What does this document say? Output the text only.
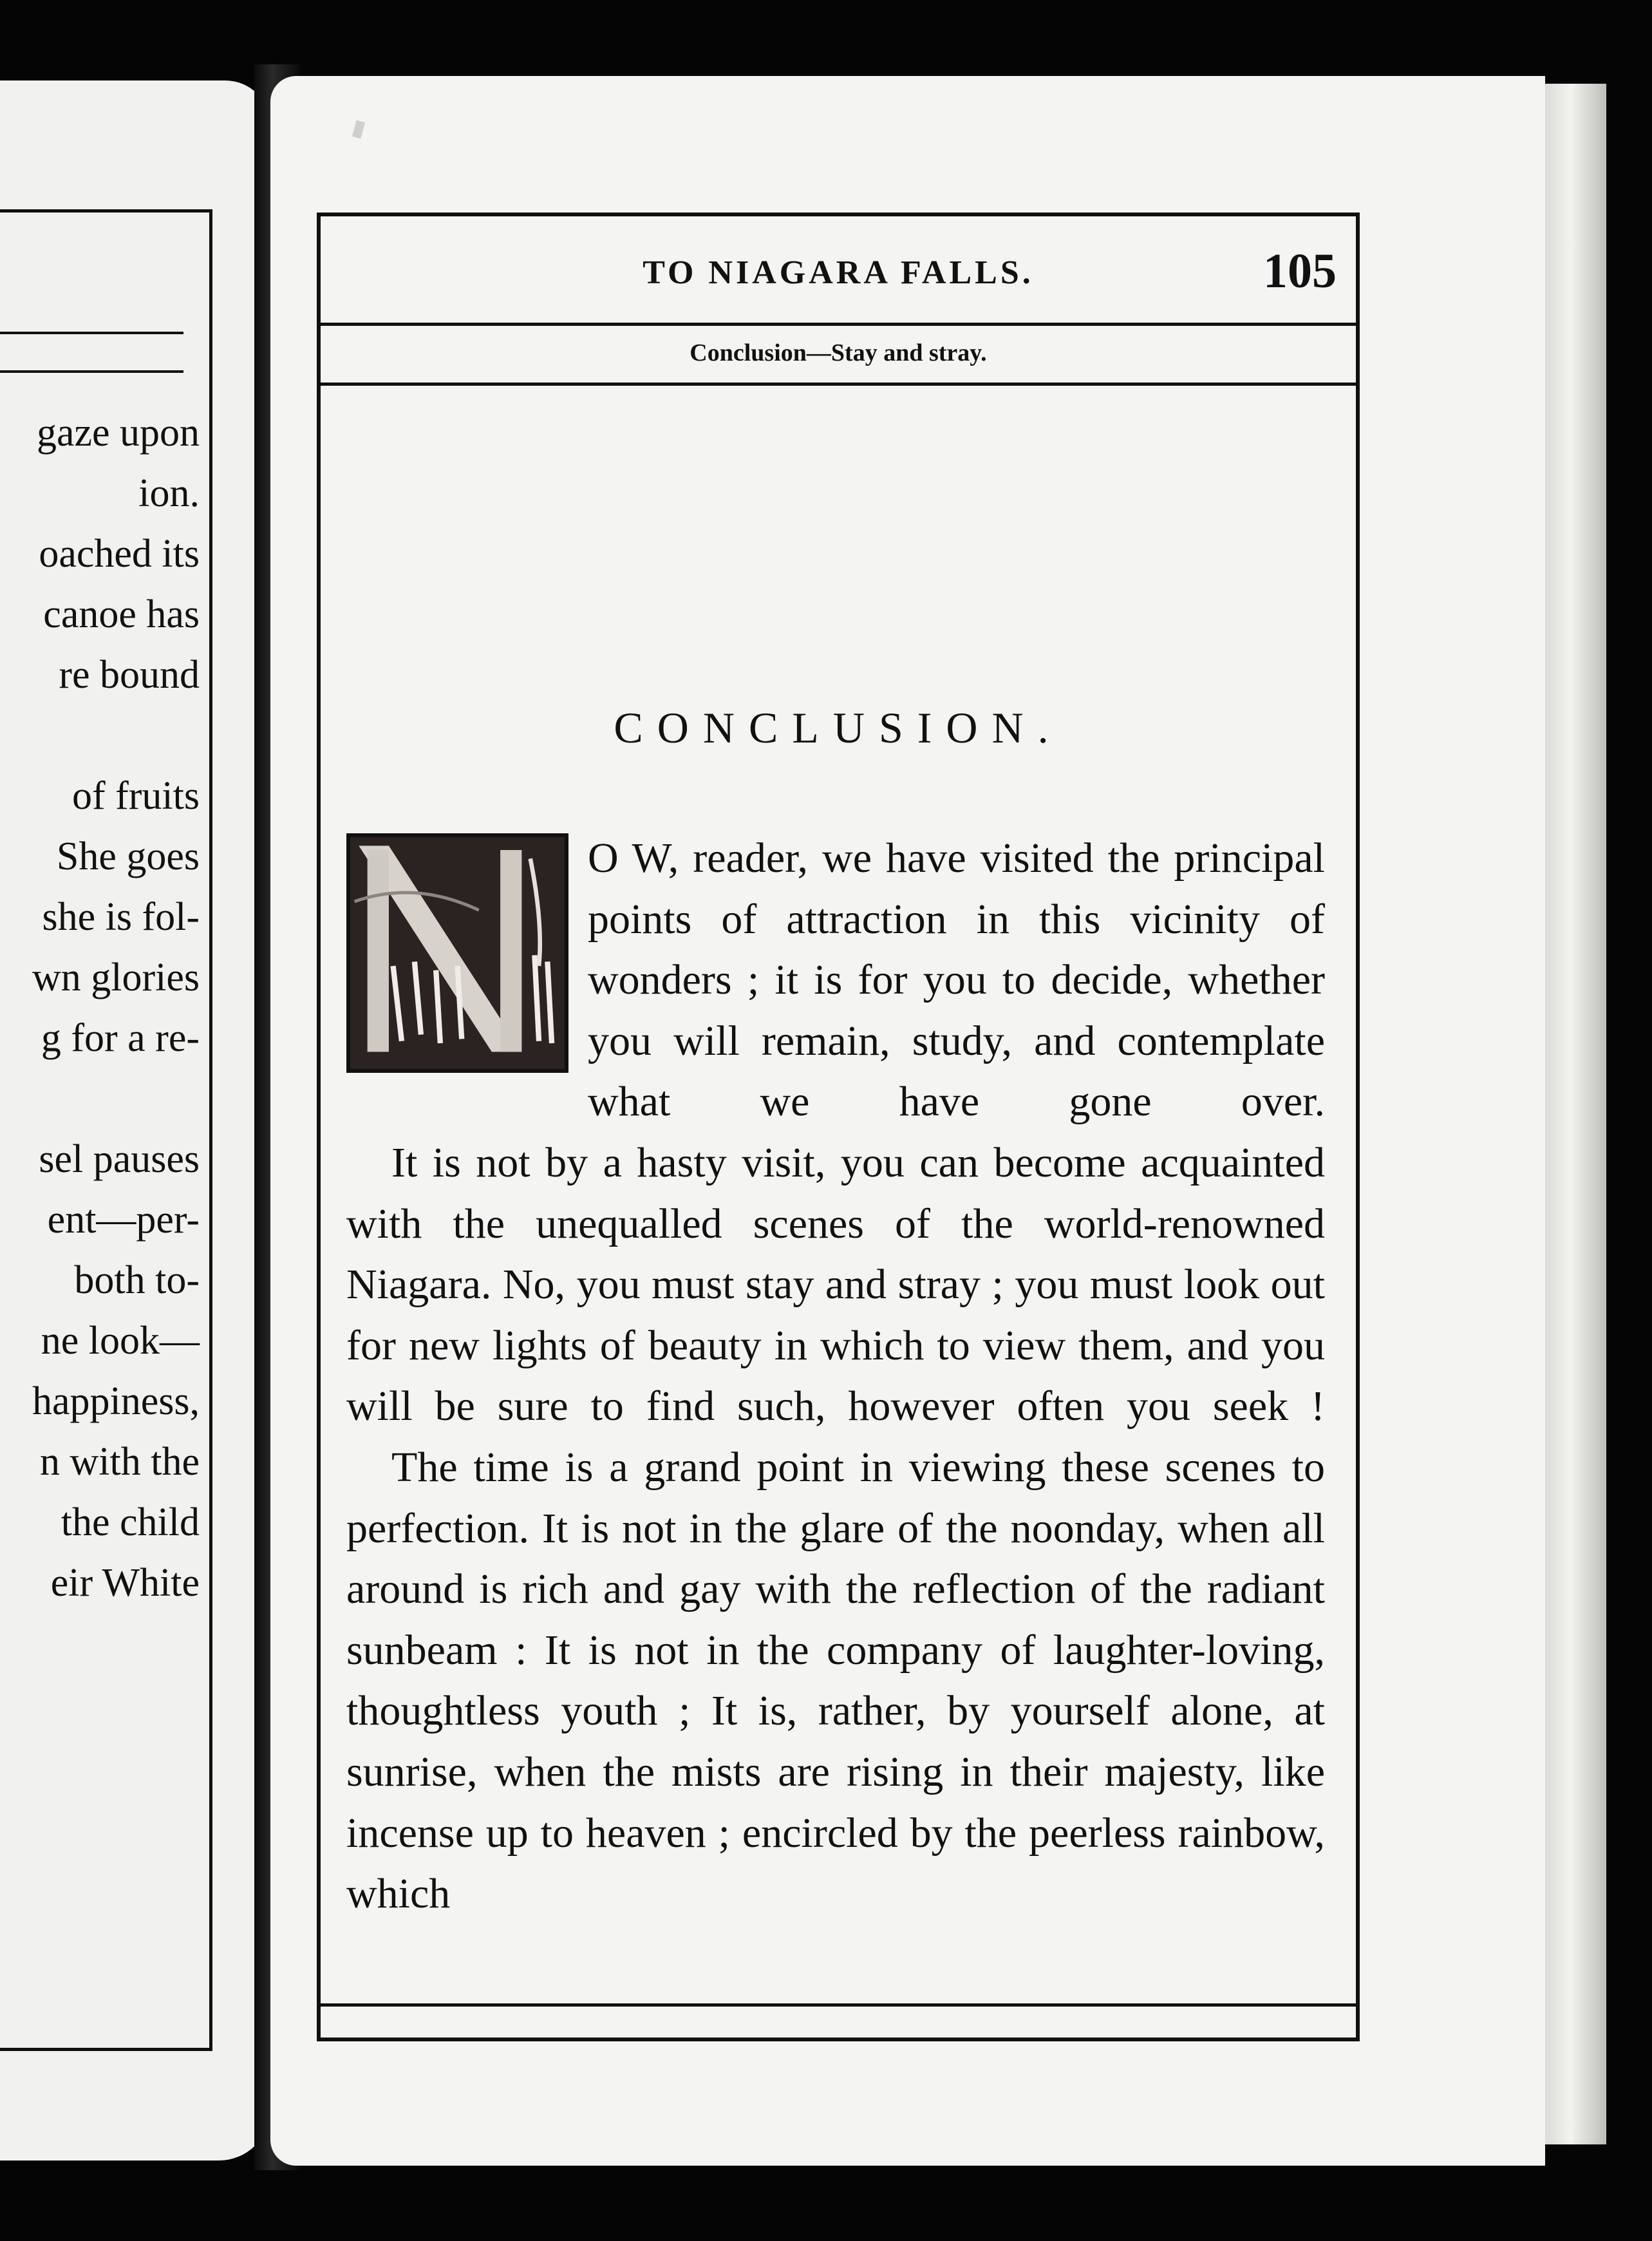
gaze upon
ion.
oached its
canoe has
re bound
of fruits
She goes
she is fol-
wn glories
g for a re-
sel pauses
ent—per-
both to-
ne look—
happiness,
n with the
the child
eir White
TO NIAGARA FALLS.	105
Conclusion—Stay and stray.
CONCLUSION.

O W, reader, we have visited the principal points of attraction in this vicinity of wonders ; it is for you to decide, whether you will remain, study, and contemplate what we have gone over.

It is not by a hasty visit, you can become acquainted with the unequalled scenes of the world-renowned Niagara. No, you must stay and stray ; you must look out for new lights of beauty in which to view them, and you will be sure to find such, however often you seek !

The time is a grand point in viewing these scenes to perfection. It is not in the glare of the noonday, when all around is rich and gay with the reflection of the radiant sunbeam : It is not in the company of laughter-loving, thoughtless youth ; It is, rather, by yourself alone, at sunrise, when the mists are rising in their majesty, like incense up to heaven ; encircled by the peerless rainbow, which
